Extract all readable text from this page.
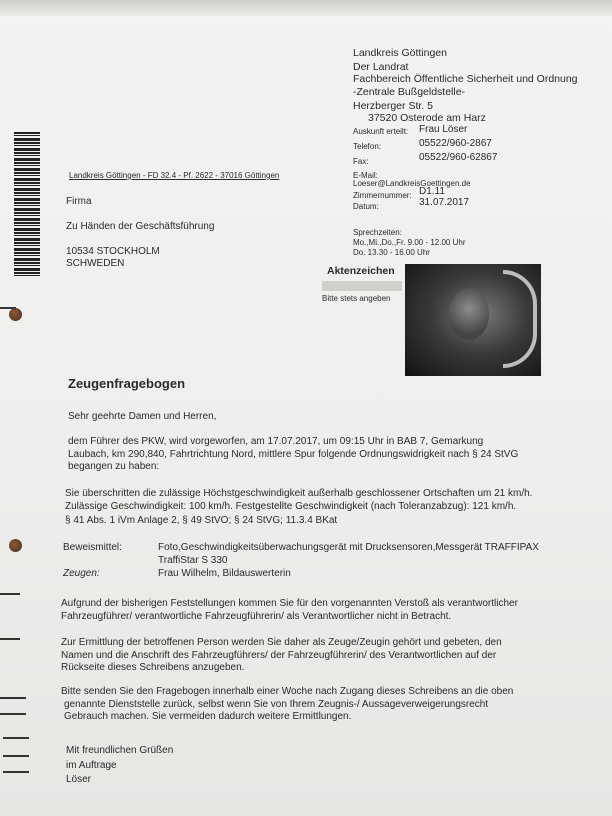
Landkreis Göttingen
Der Landrat
Fachbereich Öffentliche Sicherheit und Ordnung
-Zentrale Bußgeldstelle-
Herzberger Str. 5
37520 Osterode am Harz
Auskunft erteilt: Frau Löser
Telefon:	05522/960-2867
Fax:	05522/960-62867
E-Mail:
Loeser@LandkreisGoettingen.de
Zimmernummer: D1.11
Datum:	31.07.2017
Sprechzeiten:
Mo.,Mi.,Do.,Fr. 9.00 - 12.00 Uhr
Do. 13.30 - 16.00 Uhr
Landkreis Göttingen - FD 32.4 - Pf. 2622 - 37016 Göttingen
Firma
Zu Händen der Geschäftsführung
10534 STOCKHOLM
SCHWEDEN
Aktenzeichen
Bitte stets angeben
Zeugenfragebogen
Sehr geehrte Damen und Herren,
dem Führer des PKW, wird vorgeworfen, am 17.07.2017, um 09:15 Uhr in BAB 7, Gemarkung
Laubach, km 290,840, Fahrtrichtung Nord, mittlere Spur folgende Ordnungswidrigkeit nach § 24 StVG
begangen zu haben:
Sie überschritten die zulässige Höchstgeschwindigkeit außerhalb geschlossener Ortschaften um 21 km/h.
Zulässige Geschwindigkeit: 100 km/h. Festgestellte Geschwindigkeit (nach Toleranzabzug): 121 km/h.
§ 41 Abs. 1 iVm Anlage 2, § 49 StVO; § 24 StVG; 11.3.4 BKat
Beweismittel:	Foto,Geschwindigkeitsüberwachungsgerät mit Drucksensoren,Messgerät TRAFFIPAX
TraffiStar S 330
Zeugen:	Frau Wilhelm, Bildauswerterin
Aufgrund der bisherigen Feststellungen kommen Sie für den vorgenannten Verstoß als verantwortlicher
Fahrzeugführer/ verantwortliche Fahrzeugführerin/ als Verantwortlicher nicht in Betracht.
Zur Ermittlung der betroffenen Person werden Sie daher als Zeuge/Zeugin gehört und gebeten, den
Namen und die Anschrift des Fahrzeugführers/ der Fahrzeugführerin/ des Verantwortlichen auf der
Rückseite dieses Schreibens anzugeben.
Bitte senden Sie den Fragebogen innerhalb einer Woche nach Zugang dieses Schreibens an die oben
genannte Dienststelle zurück, selbst wenn Sie von Ihrem Zeugnis-/ Aussageverweigerungsrecht
Gebrauch machen. Sie vermeiden dadurch weitere Ermittlungen.
Mit freundlichen Grüßen
im Auftrage
Löser
